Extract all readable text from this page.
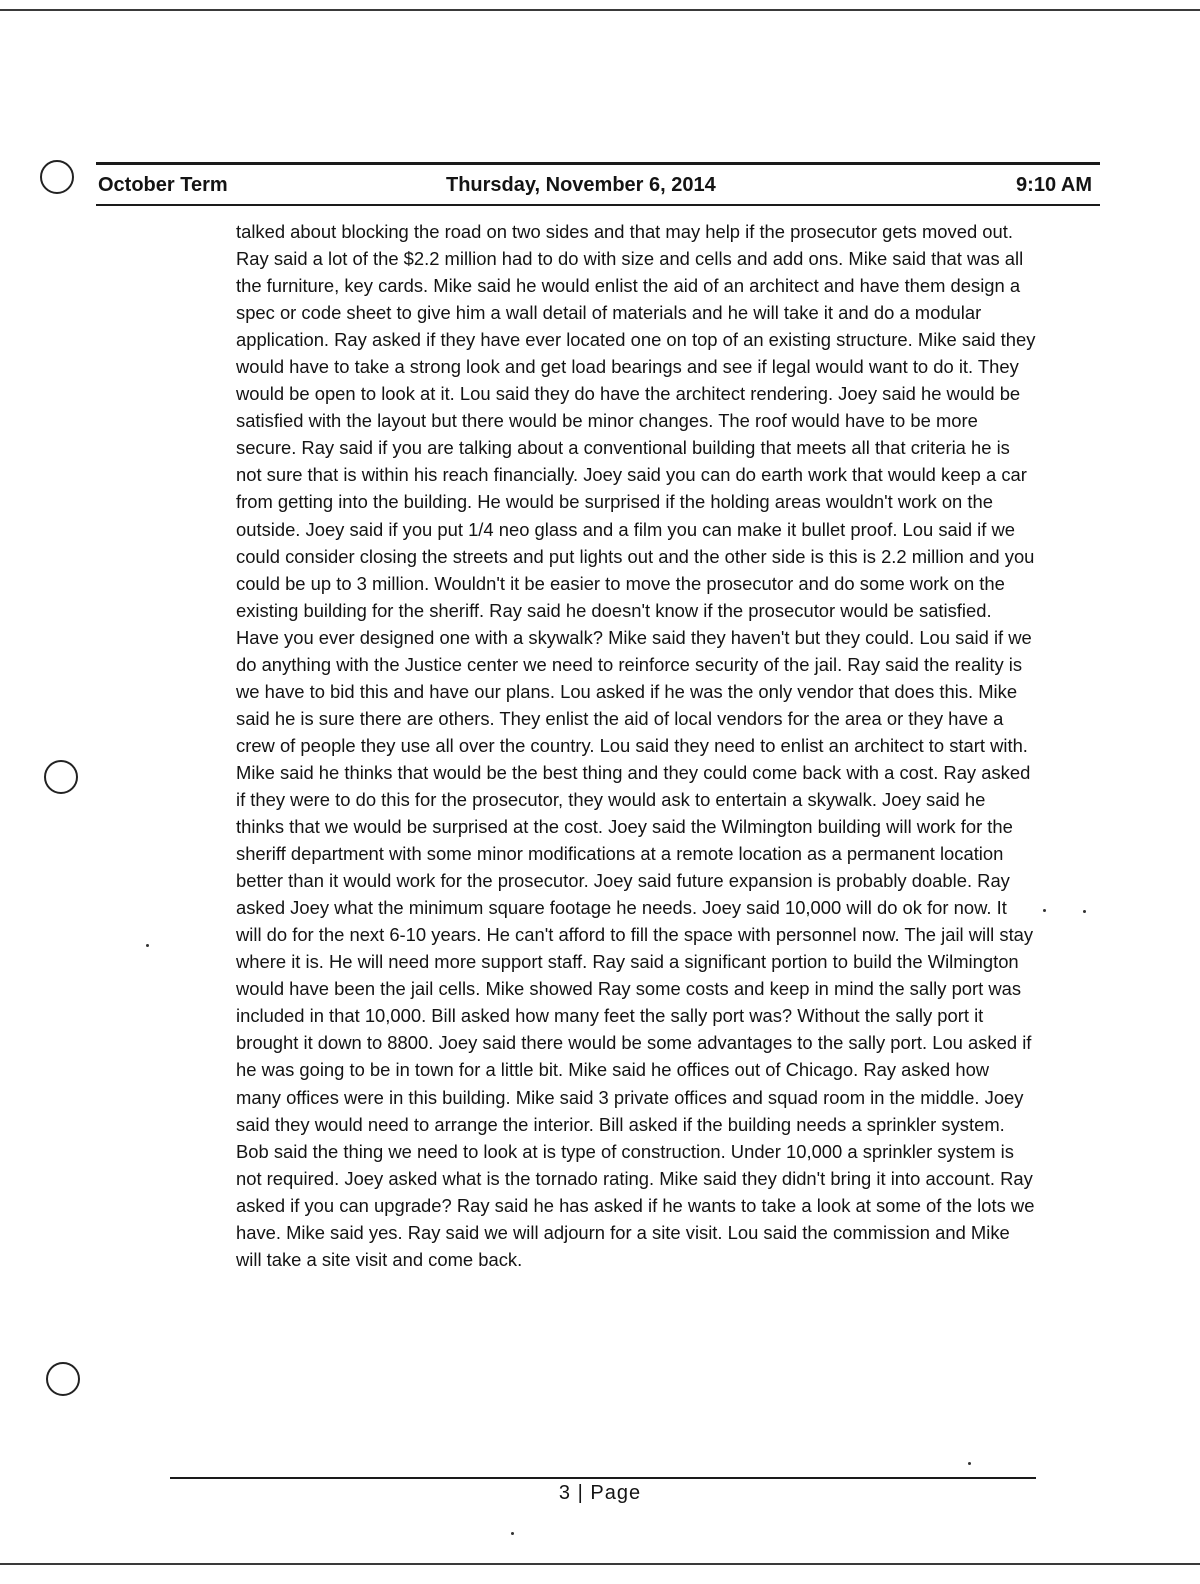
October Term	Thursday, November 6, 2014	9:10 AM

talked about blocking the road on two sides and that may help if the prosecutor gets moved out. Ray said a lot of the $2.2 million had to do with size and cells and add ons. Mike said that was all the furniture, key cards. Mike said he would enlist the aid of an architect and have them design a spec or code sheet to give him a wall detail of materials and he will take it and do a modular application. Ray asked if they have ever located one on top of an existing structure. Mike said they would have to take a strong look and get load bearings and see if legal would want to do it. They would be open to look at it. Lou said they do have the architect rendering. Joey said he would be satisfied with the layout but there would be minor changes. The roof would have to be more secure. Ray said if you are talking about a conventional building that meets all that criteria he is not sure that is within his reach financially. Joey said you can do earth work that would keep a car from getting into the building. He would be surprised if the holding areas wouldn't work on the outside. Joey said if you put 1/4 neo glass and a film you can make it bullet proof. Lou said if we could consider closing the streets and put lights out and the other side is this is 2.2 million and you could be up to 3 million. Wouldn't it be easier to move the prosecutor and do some work on the existing building for the sheriff. Ray said he doesn't know if the prosecutor would be satisfied. Have you ever designed one with a skywalk? Mike said they haven't but they could. Lou said if we do anything with the Justice center we need to reinforce security of the jail. Ray said the reality is we have to bid this and have our plans. Lou asked if he was the only vendor that does this. Mike said he is sure there are others. They enlist the aid of local vendors for the area or they have a crew of people they use all over the country. Lou said they need to enlist an architect to start with. Mike said he thinks that would be the best thing and they could come back with a cost. Ray asked if they were to do this for the prosecutor, they would ask to entertain a skywalk. Joey said he thinks that we would be surprised at the cost. Joey said the Wilmington building will work for the sheriff department with some minor modifications at a remote location as a permanent location better than it would work for the prosecutor. Joey said future expansion is probably doable. Ray asked Joey what the minimum square footage he needs. Joey said 10,000 will do ok for now. It will do for the next 6-10 years. He can't afford to fill the space with personnel now. The jail will stay where it is. He will need more support staff. Ray said a significant portion to build the Wilmington would have been the jail cells. Mike showed Ray some costs and keep in mind the sally port was included in that 10,000. Bill asked how many feet the sally port was? Without the sally port it brought it down to 8800. Joey said there would be some advantages to the sally port. Lou asked if he was going to be in town for a little bit. Mike said he offices out of Chicago. Ray asked how many offices were in this building. Mike said 3 private offices and squad room in the middle. Joey said they would need to arrange the interior. Bill asked if the building needs a sprinkler system. Bob said the thing we need to look at is type of construction. Under 10,000 a sprinkler system is not required. Joey asked what is the tornado rating. Mike said they didn't bring it into account. Ray asked if you can upgrade? Ray said he has asked if he wants to take a look at some of the lots we have. Mike said yes. Ray said we will adjourn for a site visit. Lou said the commission and Mike will take a site visit and come back.

3 | Page
